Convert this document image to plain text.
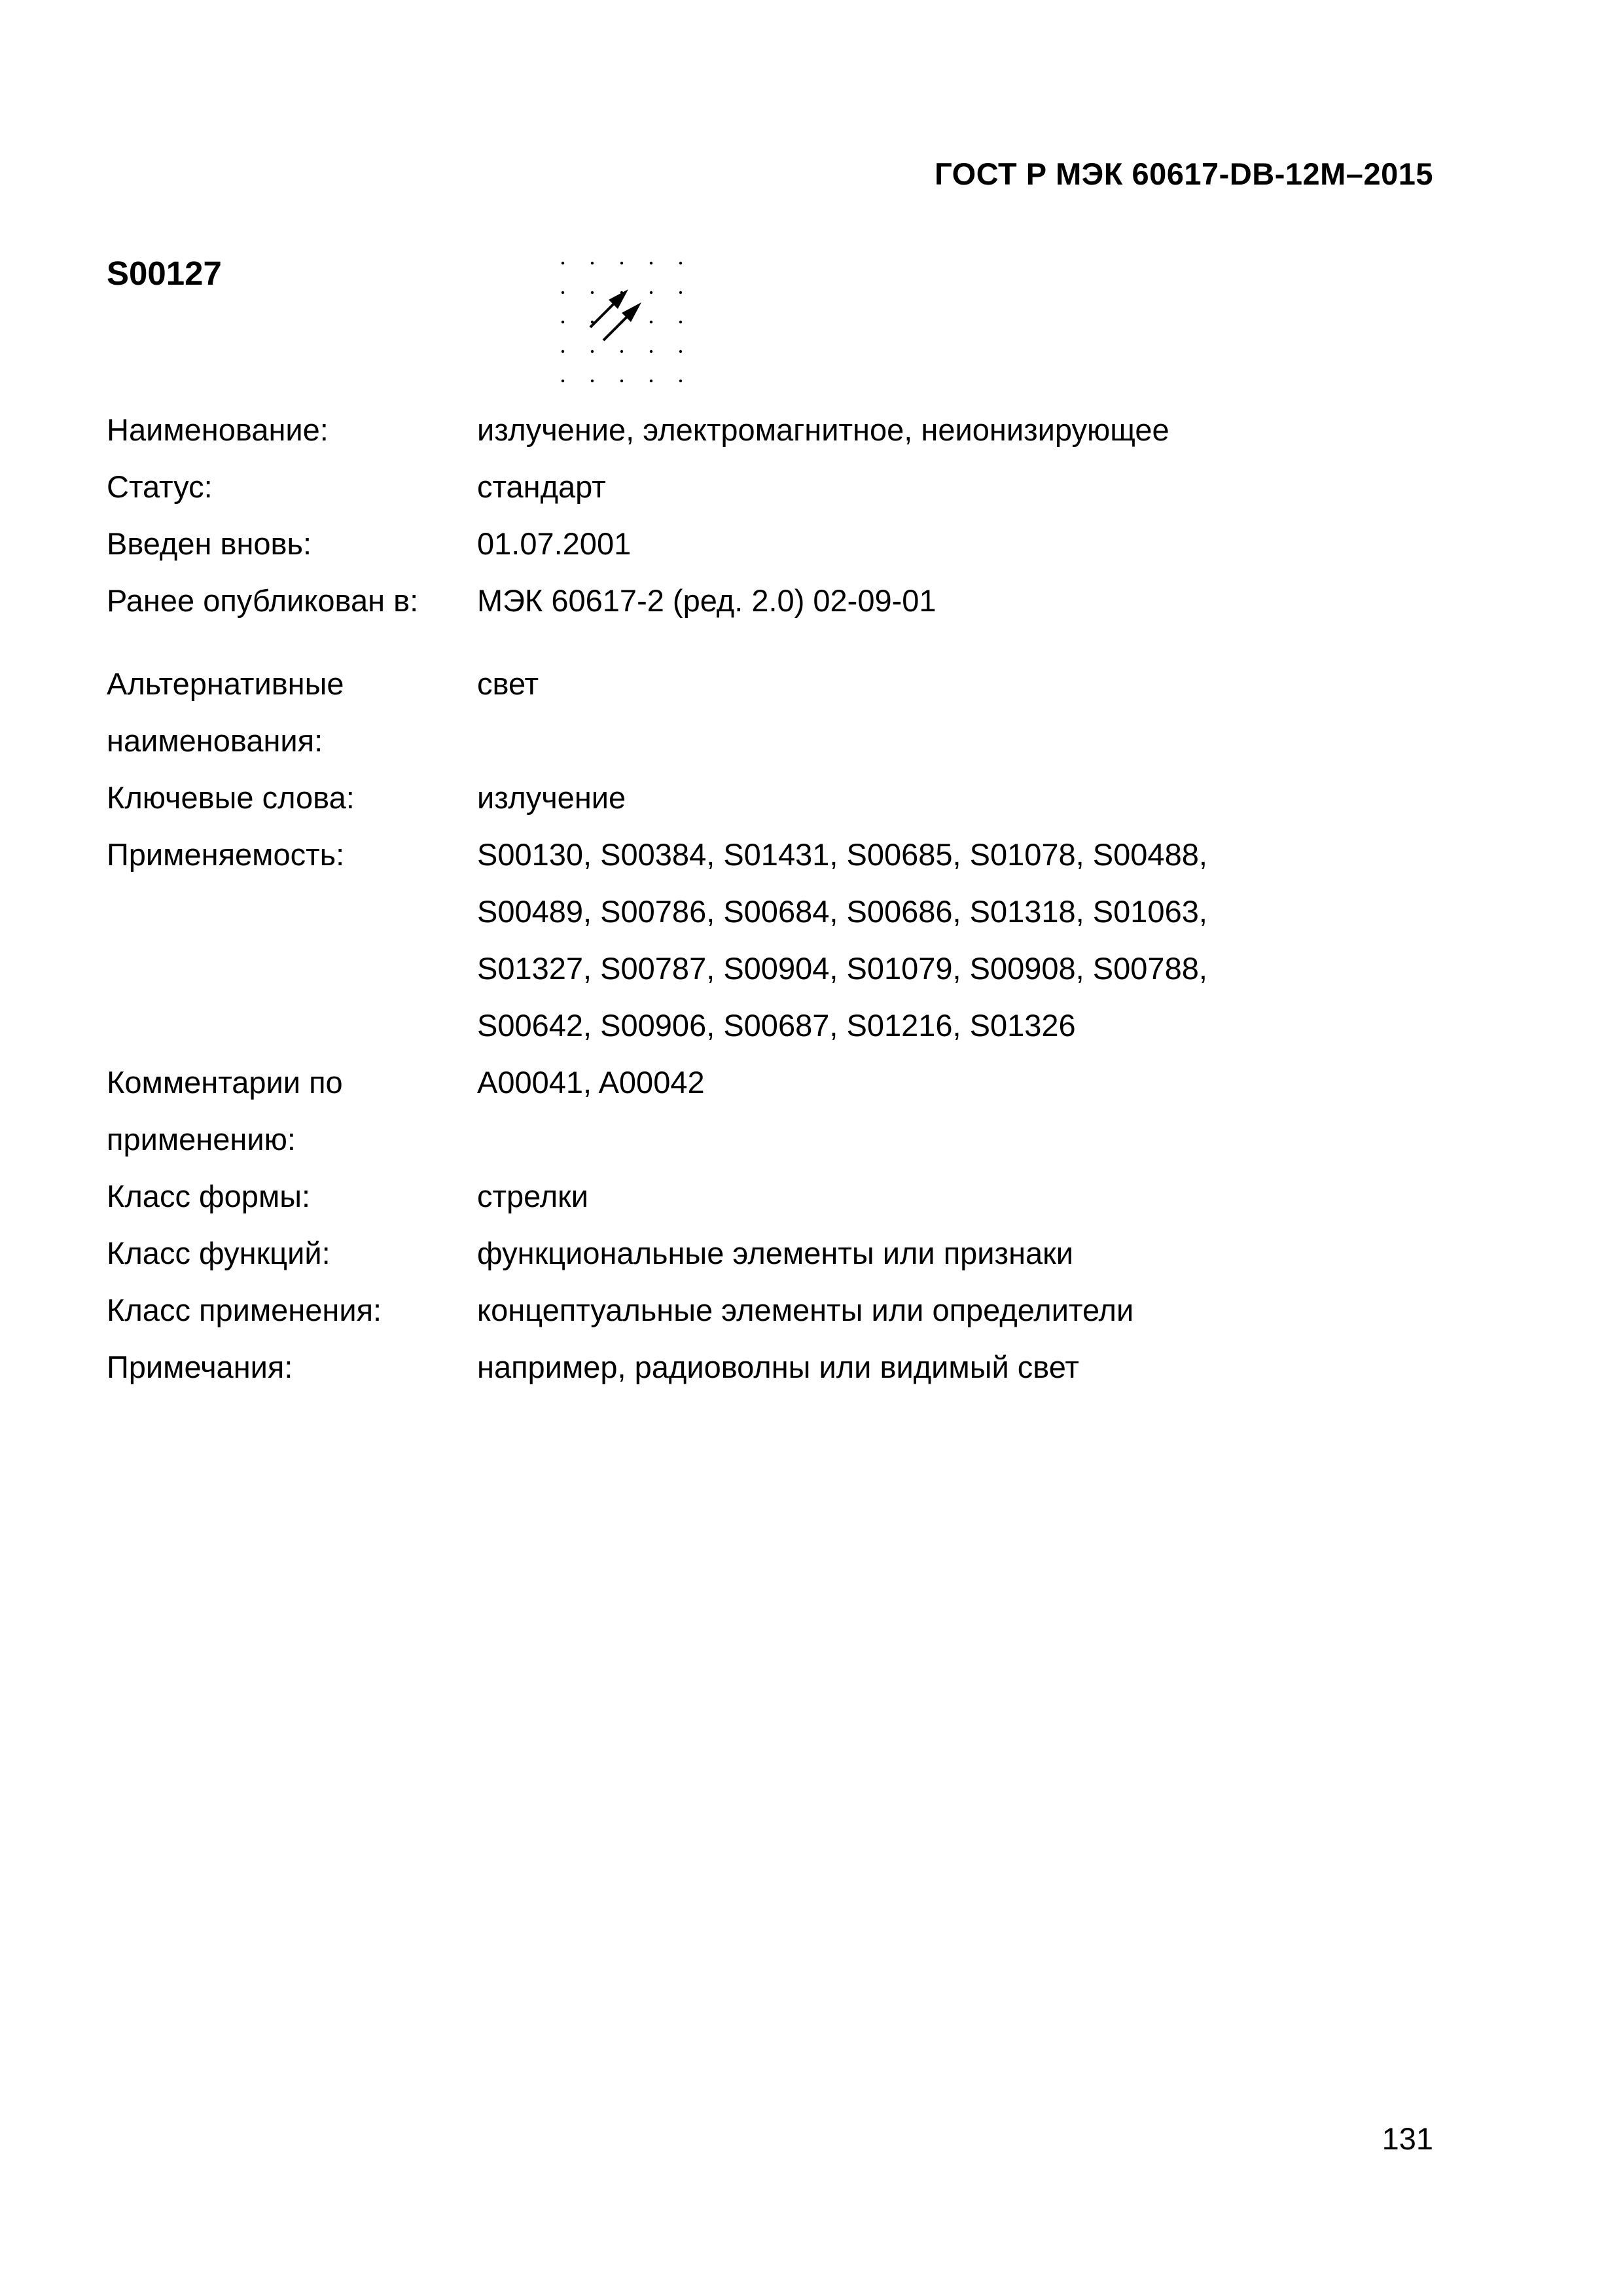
ГОСТ Р МЭК 60617-DB-12M–2015
S00127
Наименование:	излучение, электромагнитное, неионизирующее
Статус:	стандарт
Введен вновь:	01.07.2001
Ранее опубликован в:	МЭК 60617-2 (ред. 2.0) 02-09-01
Альтернативные
наименования:
свет
Ключевые слова:	излучение
Применяемость:	S00130, S00384, S01431, S00685, S01078, S00488,
S00489, S00786, S00684, S00686, S01318, S01063,
S01327, S00787, S00904, S01079, S00908, S00788,
S00642, S00906, S00687, S01216, S01326
Комментарии по
применению:
A00041, A00042
Класс формы:	стрелки
Класс функций:	функциональные элементы или признаки
Класс применения:	концептуальные элементы или определители
Примечания:	например, радиоволны или видимый свет
131
